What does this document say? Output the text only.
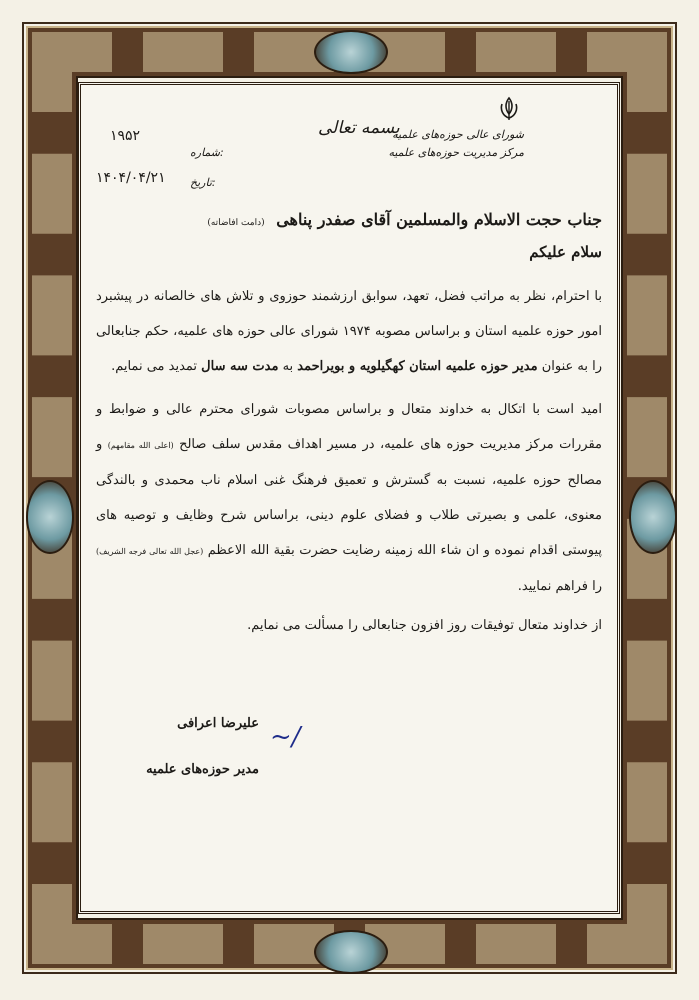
شورای عالی حوزه‌های علمیه
مرکز مدیریت حوزه‌های علمیه
بسمه تعالی
۱۹۵۲
شماره:
۱۴۰۴/۰۴/۲۱ تاریخ:
جناب حجت الاسلام والمسلمین آقای صفدر پناهی (دامت افاضاته)
سلام علیکم
با احترام، نظر به مراتب فضل، تعهد، سوابق ارزشمند حوزوی و تلاش های خالصانه در پیشبرد امور حوزه علمیه استان و براساس مصوبه ۱۹۷۴ شورای عالی حوزه های علمیه، حکم جنابعالی را به عنوان مدیر حوزه علمیه استان کهگیلویه و بویراحمد به مدت سه سال تمدید می نمایم.
امید است با اتکال به خداوند متعال و براساس مصوبات شورای محترم عالی و ضوابط و مقررات مرکز مدیریت حوزه های علمیه، در مسیر اهداف مقدس سلف صالح (اعلی الله مقامهم) و مصالح حوزه علمیه، نسبت به گسترش و تعمیق فرهنگ غنی اسلام ناب محمدی و بالندگی معنوی، علمی و بصیرتی طلاب و فضلای علوم دینی، براساس شرح وظایف و توصیه های پیوستی اقدام نموده و ان شاء الله زمینه رضایت حضرت بقیة الله الاعظم (عجل الله تعالی فرجه الشریف) را فراهم نمایید.
از خداوند متعال توفیقات روز افزون جنابعالی را مسألت می نمایم.
~/
علیرضا اعرافی
مدیر حوزه‌های علمیه
